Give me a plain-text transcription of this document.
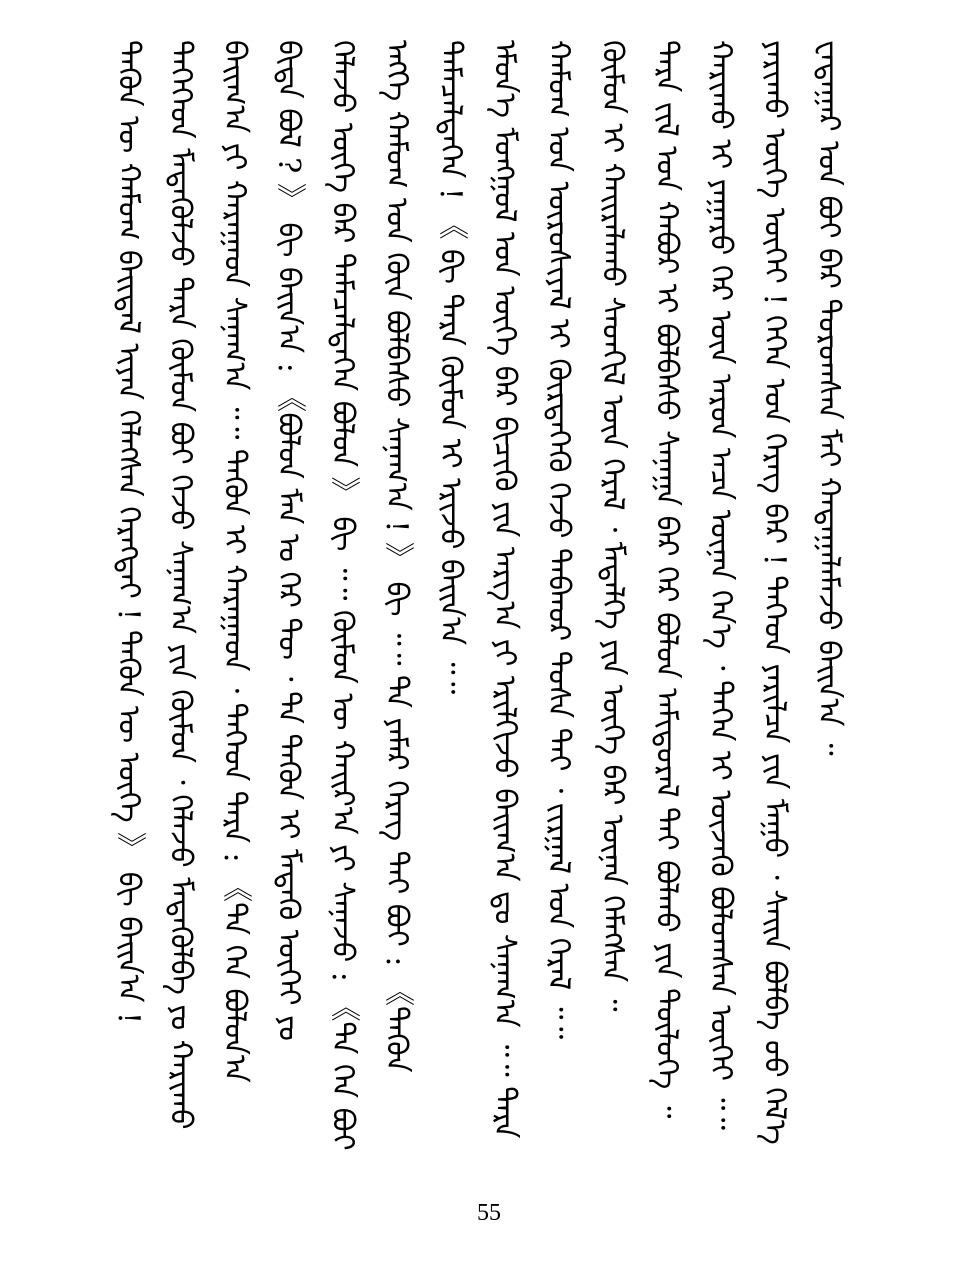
ᠸᠠᠳᠠᠭᠠᠷ ᠤᠨ ᠪᠣᠢ ᠪᠡᠷ ᠳᠣᠷᠣᠭᠰᠠᠨ ᠮᠠᠢ ᠬᠠᠳᠠᠭᠠᠯᠠᠮᠠᠵᠤ ᠪᠠᠢᠨ᠎ᠠ ᠃
ᠶᠠᠷᠢᠬᠤ ᠦᠭᠡ ᠦᠭᠡᠢ ! ᠭᠡᠭᠡᠨ ᠤᠨ ᠬᠡᠷᠡᠭ ᠪᠡᠷ ! ᠲᠡᠭᠡᠳ ᠶᠠᠷᠢᠯᠴᠠ ᠶᠢᠨ ᠮᠠᠭᠤ ᠂ ᠰᠠᠢᠨ ᠪᠣᠯᠪᠠ ᠤᠤ ᠭᠡᠯ᠎ᠡ
ᠬᠠᠷᠢᠬᠤ ᠢ ᠶᠠᠭᠠᠷᠤ ᠭᠡᠷ ᠦᠨ ᠠᠷᠤᠨ ᠠᠴᠠ ᠦᠨᠡᠨ ᠭᠡᠨ᠎ᠡ ᠂ ᠲᠡᠭᠡᠨ ᠢ ᠦᠵᠡᠬᠦ ᠪᠣᠯᠤᠭᠰᠠᠨ ᠦᠭᠡᠢ ᠃᠃
ᠲᠡᠷᠡ ᠵᠢᠯ ᠤᠨ ᠬᠠᠪᠤᠷ ᠢ ᠪᠣᠯᠪᠠᠰᠤ ᠰᠠᠨᠠᠭᠠ ᠪᠡᠷ ᠭᠡᠷ ᠪᠣᠯᠤᠨ ᠠᠮᠢᠳᠤᠷᠠᠯ ᠲᠠᠢ ᠪᠣᠯᠬᠤ ᠶᠢᠨ ᠲᠦᠯᠦᠭᠡ ᠃
ᠬᠦᠮᠦᠨ ᠢ ᠬᠠᠢᠷᠠᠯᠠᠬᠤ ᠰᠡᠳᠬᠢᠯ ᠦᠨ ᠭᠡᠷᠡᠯ ᠂ ᠮᠡᠳᠡᠯᠭᠡ ᠶᠢᠨ ᠦᠭᠡ ᠪᠡᠷ ᠦᠨᠡᠨ ᠬᠡᠮᠡᠭᠰᠡᠨ ᠃
ᠬᠠᠮᠤᠭ ᠤᠨ ᠦᠷᠦᠰᠢᠶᠡᠯ ᠢ ᠬᠦᠷᠲᠡᠭᠡᠬᠦ ᠭᠡᠵᠦ ᠳᠠᠪᠬᠤᠷ ᠲᠤᠰᠠ ᠲᠠᠢ ᠂ ᠵᠢᠷᠭᠠᠯ ᠤᠨ ᠭᠡᠷᠡᠯ ᠃᠃
ᠡᠮᠦᠨ᠎ᠡ ᠮᠤᠩᠭᠤᠯ ᠤᠨ ᠦᠭᠡ ᠪᠡᠷ ᠪᠢᠴᠢᠬᠦ ᠶᠢᠨ ᠠᠷᠭ᠎ᠠ ᠶᠢ ᠡᠷᠢᠯᠬᠢᠵᠦ ᠪᠠᠢᠭ᠎ᠠ ᠳᠤ ᠰᠠᠨᠠᠭ᠎ᠠ ᠃᠃ ᠲᠡᠷᠡ
ᠲᠡᠮᠡᠴᠡᠯᠳᠡᠭᠡᠨ ! 《 ᠪᠢ ᠲᠡᠷᠡ ᠬᠦᠮᠦᠨ ᠢ ᠡᠷᠢᠵᠦ ᠪᠠᠢᠨ᠎ᠠ ᠃᠃
ᠡᠩᠭᠡ ᠬᠠᠮᠤᠭ ᠤᠨ ᠬᠦᠨ ᠪᠣᠯᠪᠠᠰᠤ ᠰᠠᠨᠠᠭ᠎ᠠ ! 》 ᠪᠢ ᠃᠃ ᠲᠠ ᠶᠠᠮᠠᠷ ᠬᠡᠷᠡᠭ ᠲᠠᠢ ᠪᠣᠢ : 《ᠲᠡᠭᠦᠨ
ᠬᠡᠯᠡᠵᠦ ᠦᠭᠡ ᠪᠡᠷ ᠲᠡᠮᠡᠴᠡᠯᠳᠡᠭᠡᠨ ᠪᠣᠯᠤᠨ 》 ᠪᠢ ᠃᠃ ᠬᠦᠮᠦᠨ ᠦ ᠬᠠᠢᠷ᠎ᠠ ᠶᠢ ᠰᠠᠨᠠᠵᠤ : 《ᠲᠠ ᠬᠡᠨ ᠪᠣᠢ
ᠪᠢᠳᠡ ᠪᠣᠯ ? 》 ᠪᠢ ᠪᠠᠢᠨ᠎ᠠ : 《ᠪᠣᠯᠤᠨ ᠮᠠᠨ ᠤ ᠭᠡᠷ ᠲᠦ ᠂ ᠲᠠ ᠲᠡᠭᠦᠨ ᠢ ᠮᠡᠳᠡᠬᠦ ᠦᠭᠡᠢ ᠶᠤ
ᠪᠠᠢᠭ᠎ᠠ ᠶᠢ ᠬᠠᠷᠠᠭᠠᠳ ᠰᠠᠨᠠᠭ᠎ᠠ ᠃᠃ ᠲᠡᠭᠦᠨ ᠢ ᠬᠠᠷᠠᠭᠠᠳ ᠂ ᠲᠡᠭᠡᠳ ᠲᠡᠷᠡ : 《ᠲᠠ ᠬᠡᠨ ᠪᠣᠯᠤᠨ᠎ᠠ
ᠲᠡᠭᠡᠭᠡᠳ ᠮᠡᠳᠡᠭᠦᠯᠵᠦ ᠲᠡᠷᠡ ᠬᠦᠮᠦᠨ ᠪᠣᠢ ᠭᠡᠵᠦ ᠰᠠᠨᠠᠭ᠎ᠠ ᠶᠢᠨ ᠬᠦᠮᠦᠨ ᠂ ᠬᠡᠯᠡᠵᠦ ᠮᠡᠳᠡᠭᠦᠯᠪᠡ ᠶᠤ ᠬᠠᠷᠢᠬᠤ
ᠲᠡᠭᠦᠨ ᠦ ᠬᠠᠮᠤᠭ ᠪᠠᠢᠳᠠᠯ ᠢᠶᠡᠨ ᠬᠡᠯᠡᠭᠰᠡᠨ ᠬᠡᠷᠡᠭᠲᠡᠢ ! ᠲᠡᠭᠦᠨ ᠦ ᠦᠭᠡ 》 ᠪᠢ ᠪᠠᠢᠨ᠎ᠠ !
55
